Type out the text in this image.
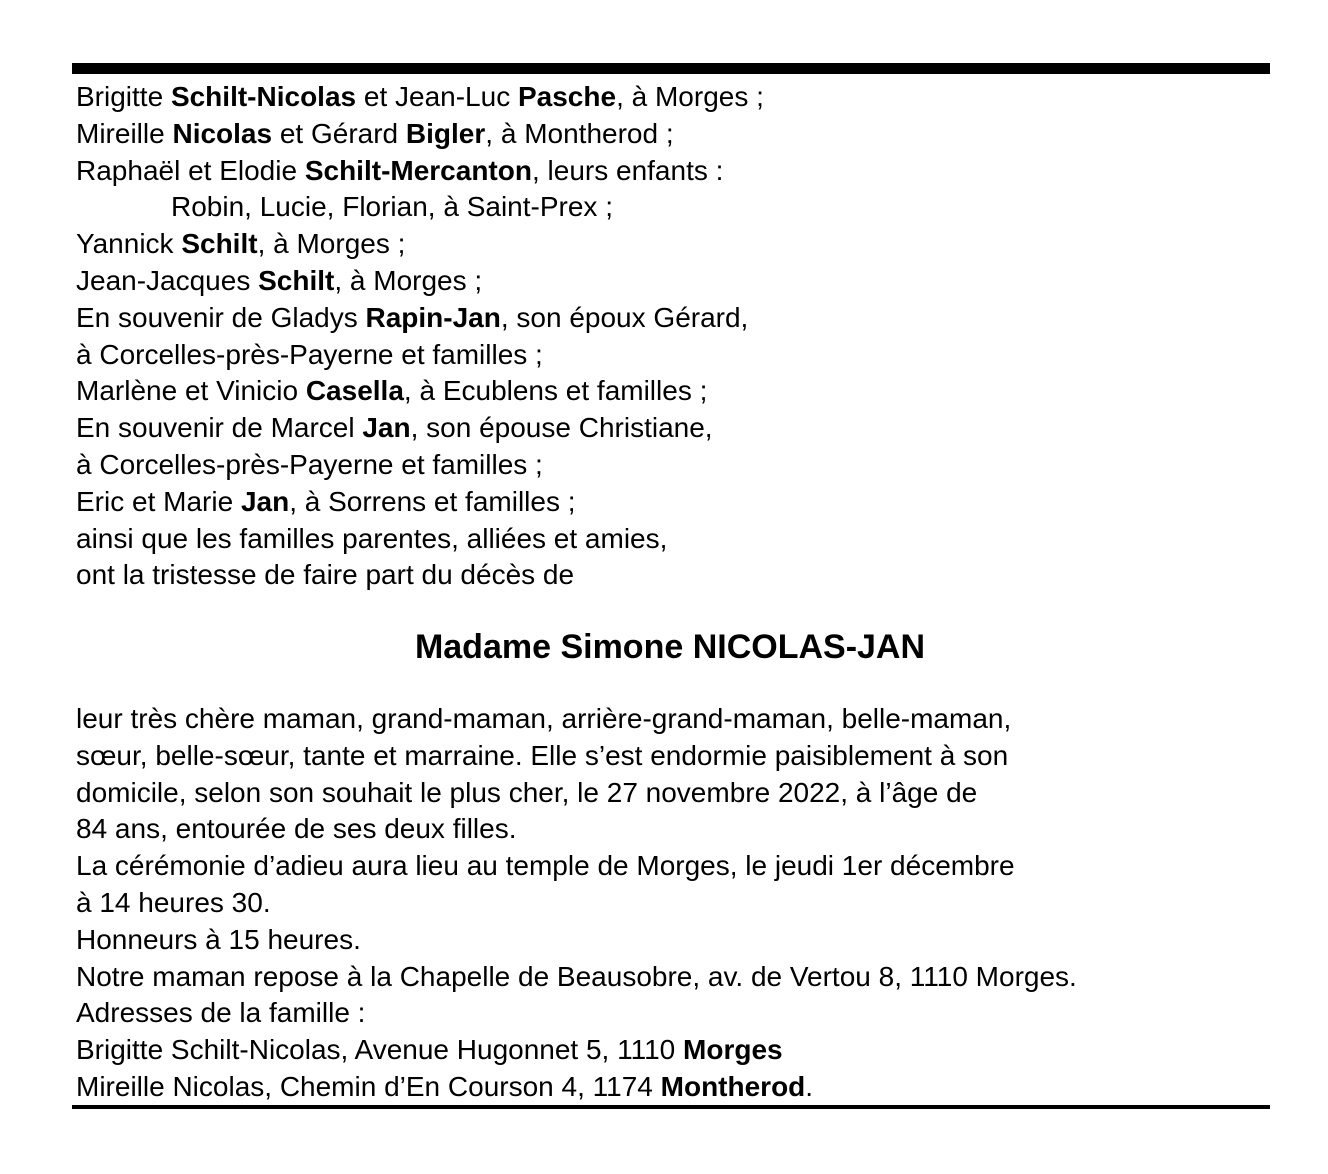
Brigitte Schilt-Nicolas et Jean-Luc Pasche, à Morges ;
Mireille Nicolas et Gérard Bigler, à Montherod ;
Raphaël et Elodie Schilt-Mercanton, leurs enfants :
Robin, Lucie, Florian, à Saint-Prex ;
Yannick Schilt, à Morges ;
Jean-Jacques Schilt, à Morges ;
En souvenir de Gladys Rapin-Jan, son époux Gérard,
à Corcelles-près-Payerne et familles ;
Marlène et Vinicio Casella, à Ecublens et familles ;
En souvenir de Marcel Jan, son épouse Christiane,
à Corcelles-près-Payerne et familles ;
Eric et Marie Jan, à Sorrens et familles ;
ainsi que les familles parentes, alliées et amies,
ont la tristesse de faire part du décès de
Madame Simone NICOLAS-JAN
leur très chère maman, grand-maman, arrière-grand-maman, belle-maman,
sœur, belle-sœur, tante et marraine. Elle s’est endormie paisiblement à son
domicile, selon son souhait le plus cher, le 27 novembre 2022, à l’âge de
84 ans, entourée de ses deux filles.
La cérémonie d’adieu aura lieu au temple de Morges, le jeudi 1er décembre
à 14 heures 30.
Honneurs à 15 heures.
Notre maman repose à la Chapelle de Beausobre, av. de Vertou 8, 1110 Morges.
Adresses de la famille :
Brigitte Schilt-Nicolas, Avenue Hugonnet 5, 1110 Morges
Mireille Nicolas, Chemin d’En Courson 4, 1174 Montherod.
